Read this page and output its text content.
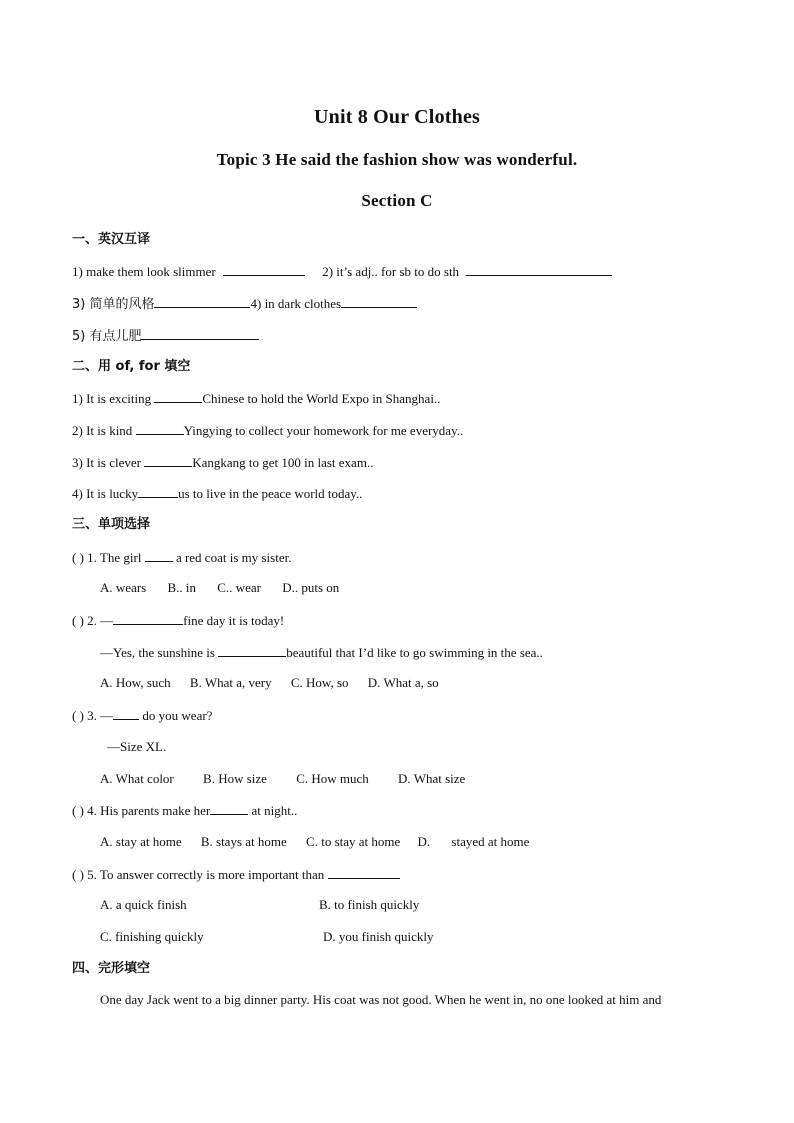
Unit 8 Our Clothes
Topic 3 He said the fashion show was wonderful.
Section C
一、英汉互译
1) make them look slimmer	2) it’s adj.. for sb to do sth
3) 简单的风格	4) in dark clothes
5) 有点儿肥
二、用 of, for 填空
1) It is exciting	Chinese to hold the World Expo in Shanghai..
2) It is kind	Yingying to collect your homework for me everyday..
3) It is clever	Kangkang to get 100 in last exam..
4) It is lucky	us to live in the peace world today..
三、单项选择
( ) 1. The girl  a red coat is my sister.
A. wears B.. in C.. wear D.. puts on
( ) 2. —	fine day it is today!
—Yes, the sunshine is	beautiful that I’d like to go swimming in the sea..
A. How, such B. What a, very C. How, so D. What a, so
( ) 3. — do you wear?
—Size XL.
A. What color B. How size C. How much D. What size
( ) 4. His parents make her	at night..
A. stay at home B. stays at home C. to stay at home D. stayed at home
( ) 5. To answer correctly is more important than
A. a quick finish	B. to finish quickly
C. finishing quickly	D. you finish quickly
四、完形填空
One day Jack went to a big dinner party. His coat was not good. When he went in, no one looked at him and
